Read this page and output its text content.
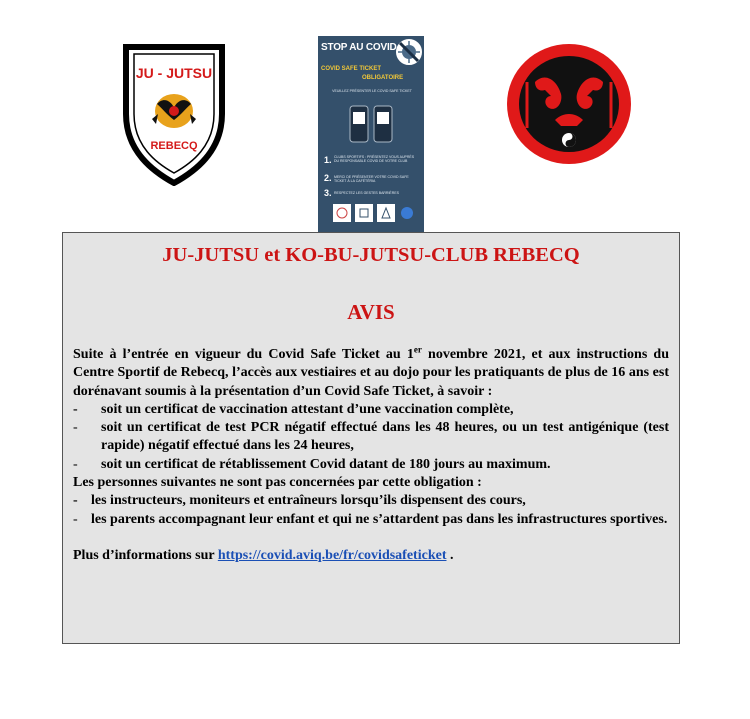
JU - JUTSU
REBECQ
STOP AU COVID
COVID SAFE TICKET
OBLIGATOIRE
VEUILLEZ PRÉSENTER LE COVID SAFE TICKET
1. CLUBS SPORTIFS : PRÉSENTEZ VOUS AUPRÈS DU RESPONSABLE COVID DE VOTRE CLUB
2. MERCI DE PRÉSENTER VOTRE COVID SAFE TICKET À LA CAFÉTÉRIA
3. RESPECTEZ LES GESTES BARRIÈRES
JU-JUTSU et KO-BU-JUTSU-CLUB REBECQ
AVIS

Suite à l’entrée en vigueur du Covid Safe Ticket au 1er novembre 2021, et aux instructions du Centre Sportif de Rebecq, l’accès aux vestiaires et au dojo pour les pratiquants de plus de 16 ans est dorénavant soumis à la présentation d’un Covid Safe Ticket, à savoir :

-	soit un certificat de vaccination attestant d’une vaccination complète,
-	soit un certificat de test PCR négatif effectué dans les 48 heures, ou un test antigénique (test rapide) négatif effectué dans les 24 heures,
-	soit un certificat de rétablissement Covid datant de 180 jours au maximum.

Les personnes suivantes ne sont pas concernées par cette obligation :

- les instructeurs, moniteurs et entraîneurs lorsqu’ils dispensent des cours,
- les parents accompagnant leur enfant et qui ne s’attardent pas dans les infrastructures sportives.

Plus d’informations sur https://covid.aviq.be/fr/covidsafeticket .
